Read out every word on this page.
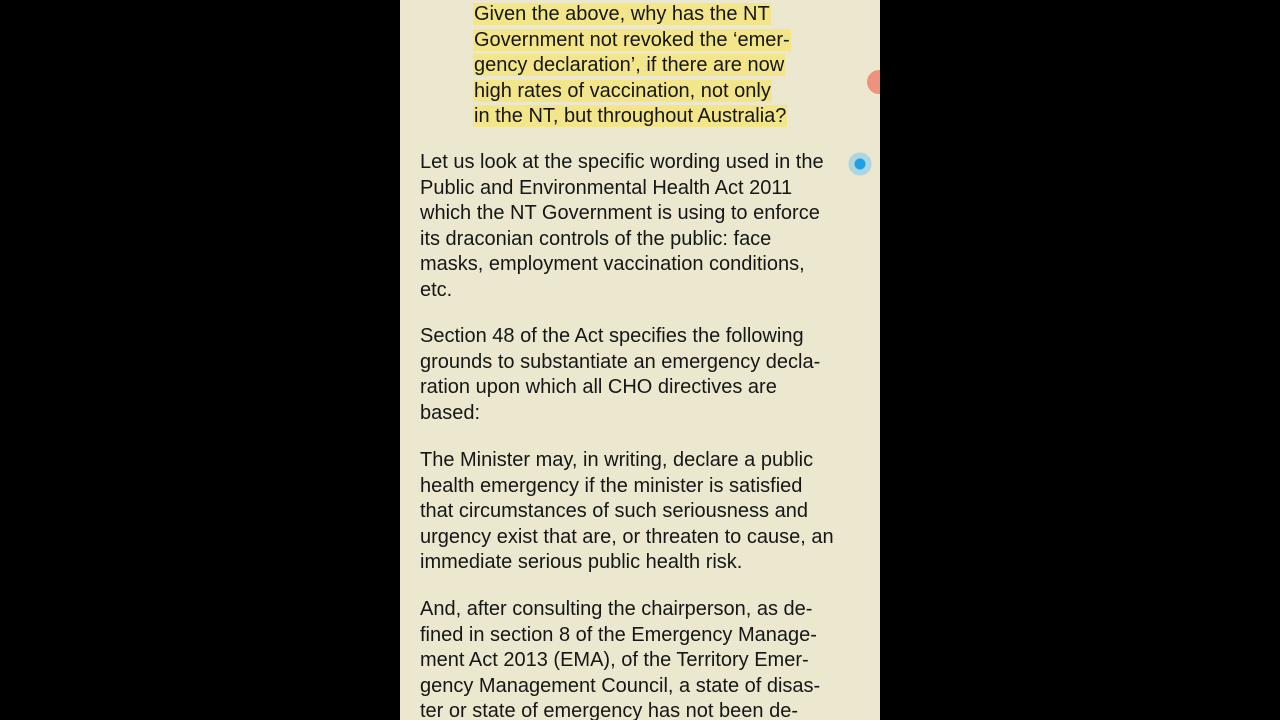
Given the above, why has the NT
Government not revoked the ‘emer-
gency declaration’, if there are now
high rates of vaccination, not only
in the NT, but throughout Australia?

Let us look at the specific wording used in the
Public and Environmental Health Act 2011
which the NT Government is using to enforce
its draconian controls of the public: face
masks, employment vaccination conditions,
etc.

Section 48 of the Act specifies the following
grounds to substantiate an emergency decla-
ration upon which all CHO directives are
based:

The Minister may, in writing, declare a public
health emergency if the minister is satisfied
that circumstances of such seriousness and
urgency exist that are, or threaten to cause, an
immediate serious public health risk.

And, after consulting the chairperson, as de-
fined in section 8 of the Emergency Manage-
ment Act 2013 (EMA), of the Territory Emer-
gency Management Council, a state of disas-
ter or state of emergency has not been de-
